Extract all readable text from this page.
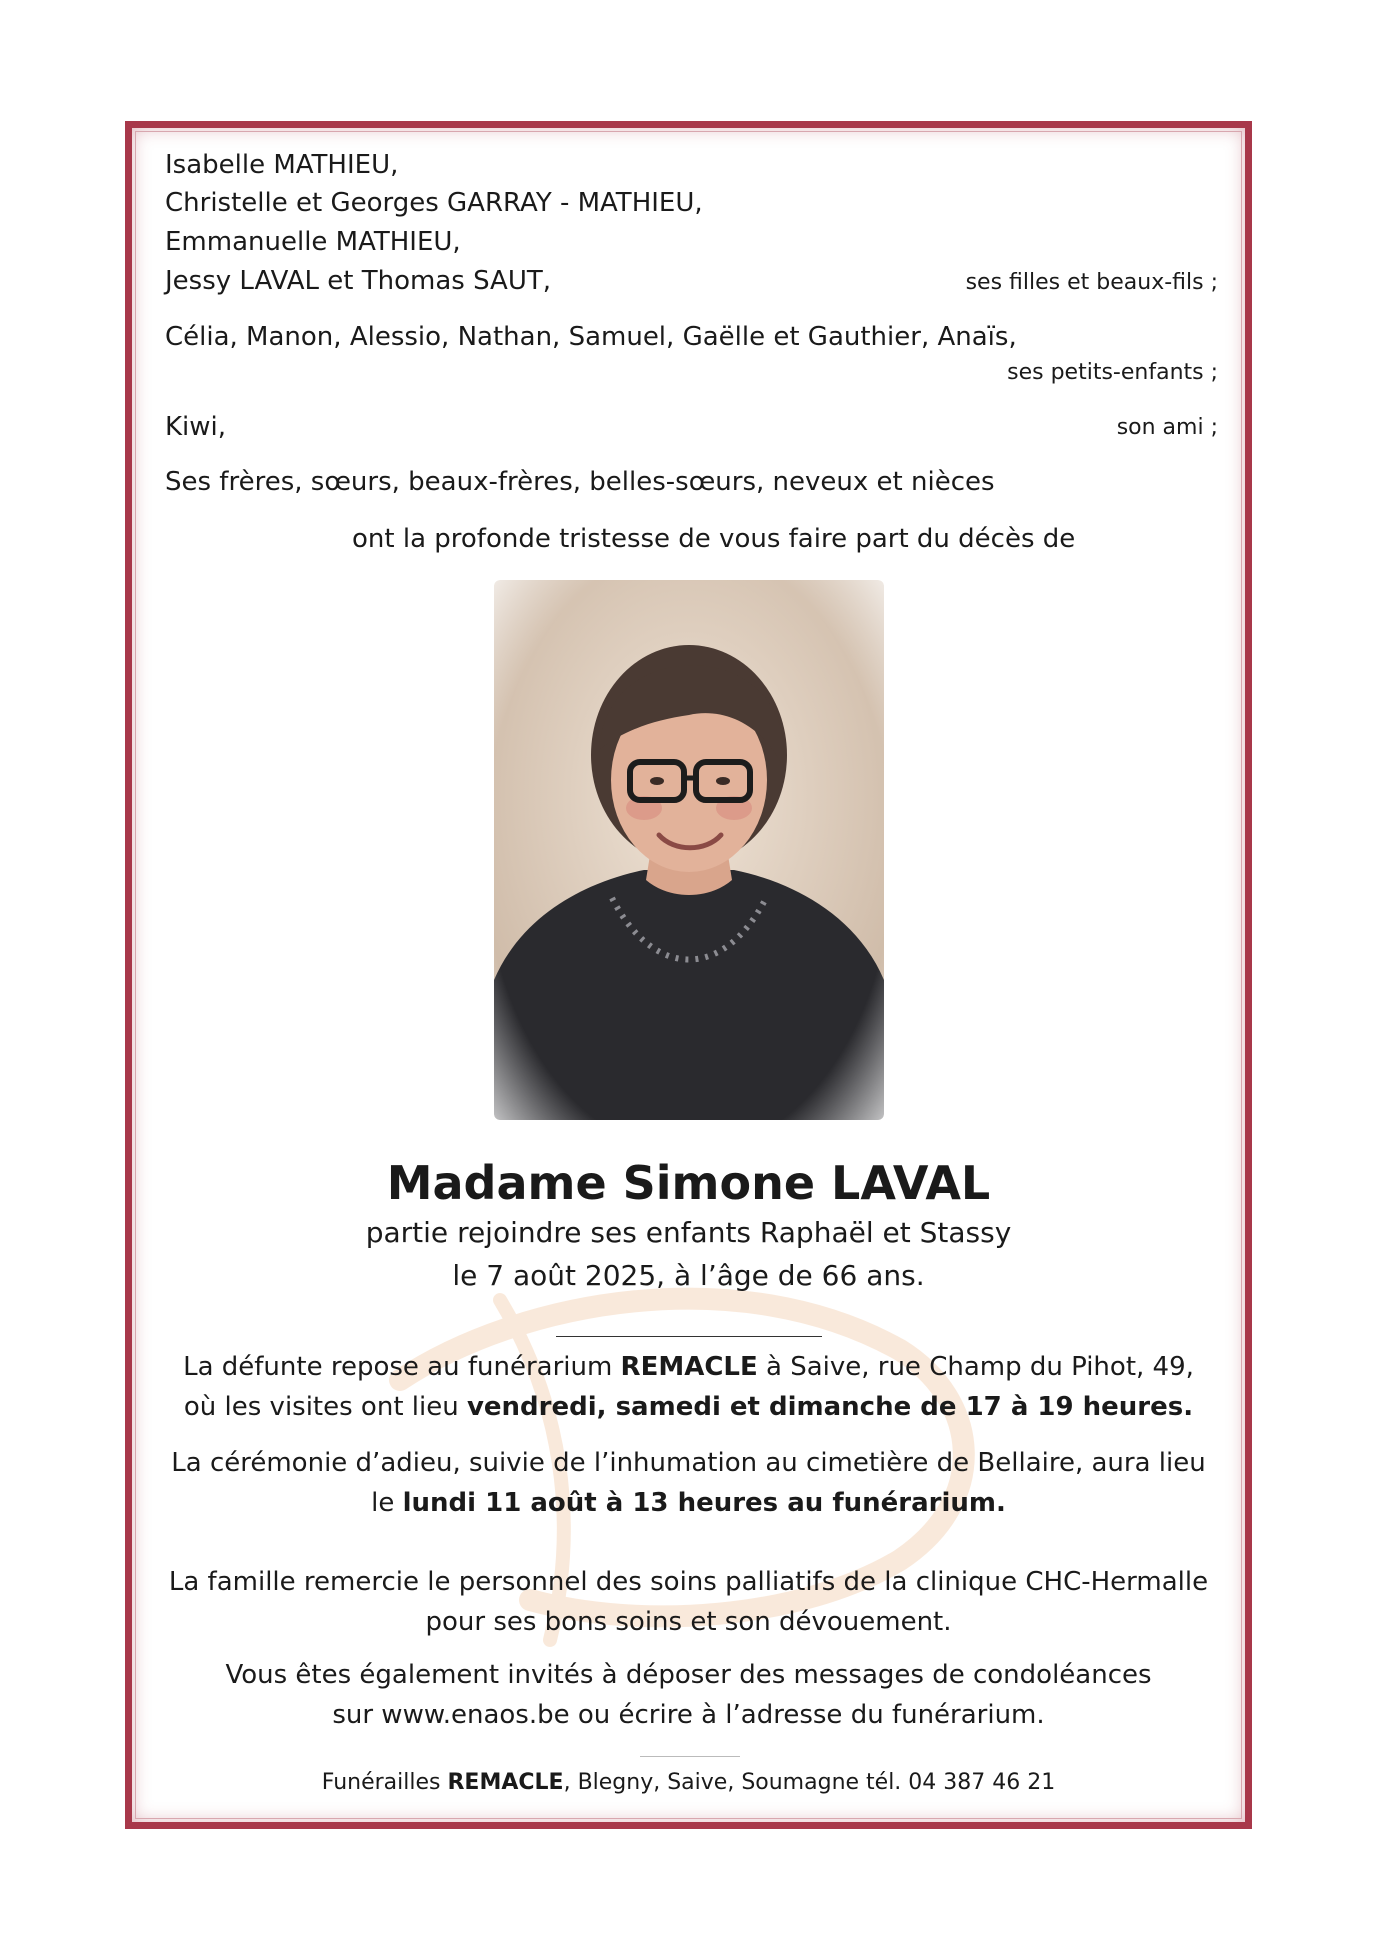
Isabelle MATHIEU,
Christelle et Georges GARRAY - MATHIEU,
Emmanuelle MATHIEU,
Jessy LAVAL et Thomas SAUT,	ses filles et beaux-fils ;
Célia, Manon, Alessio, Nathan, Samuel, Gaëlle et Gauthier, Anaïs,
ses petits-enfants ;
Kiwi,	son ami ;
Ses frères, sœurs, beaux-frères, belles-sœurs, neveux et nièces
ont la profonde tristesse de vous faire part du décès de
Madame Simone LAVAL
partie rejoindre ses enfants Raphaël et Stassy
le 7 août 2025, à l’âge de 66 ans.
La défunte repose au funérarium REMACLE à Saive, rue Champ du Pihot, 49,
où les visites ont lieu vendredi, samedi et dimanche de 17 à 19 heures.
La cérémonie d’adieu, suivie de l’inhumation au cimetière de Bellaire, aura lieu
le lundi 11 août à 13 heures au funérarium.
La famille remercie le personnel des soins palliatifs de la clinique CHC-Hermalle
pour ses bons soins et son dévouement.
Vous êtes également invités à déposer des messages de condoléances
sur www.enaos.be ou écrire à l’adresse du funérarium.
Funérailles REMACLE, Blegny, Saive, Soumagne tél. 04 387 46 21
